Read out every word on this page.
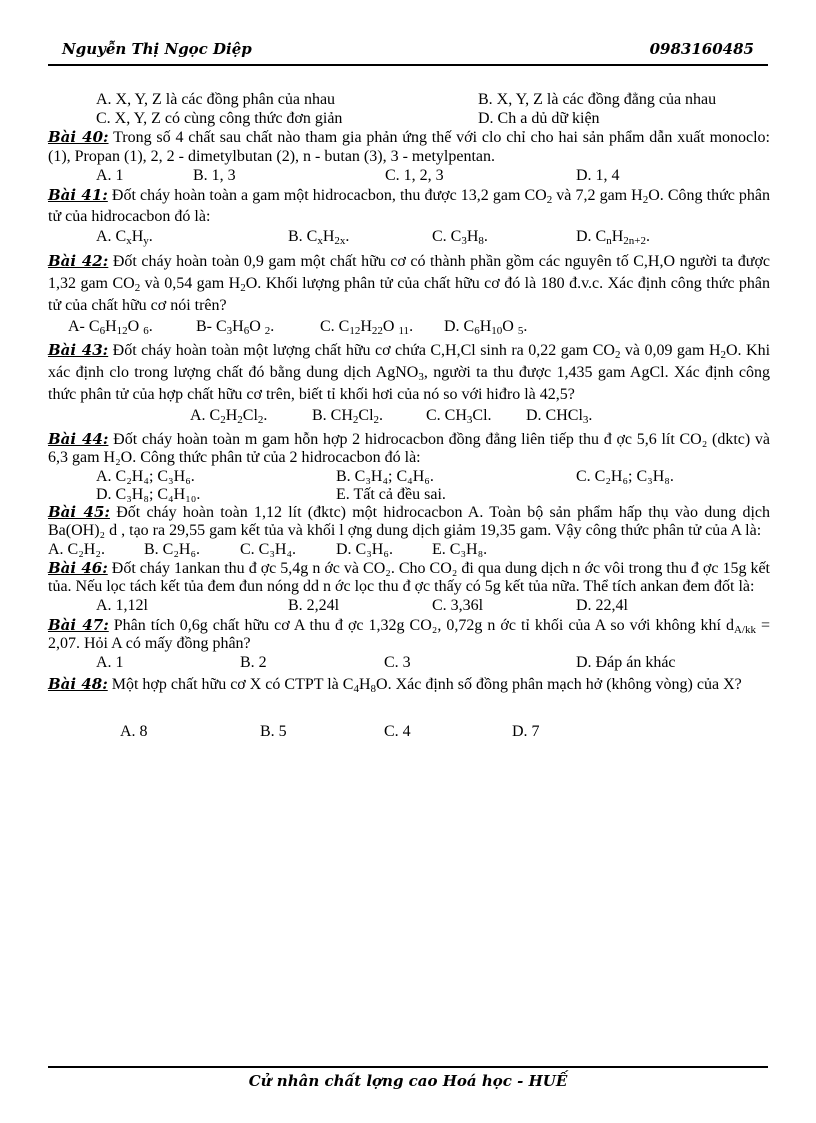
Nguyễn Thị Ngọc Diệp	0983160485
A. X, Y, Z là các đồng phân của nhau	B. X, Y, Z là các đồng đẳng của nhau
C. X, Y, Z có cùng công thức đơn giản	D. Ch a dủ dữ kiện

Bài 40: Trong số 4 chất sau chất nào tham gia phản ứng thế với clo chỉ cho hai sản phẩm dẫn xuất monoclo: (1), Propan (1), 2, 2 - dimetylbutan (2), n - butan (3), 3 - metylpentan.

A. 1	B. 1, 3	C. 1, 2, 3	D. 1, 4

Bài 41: Đốt cháy hoàn toàn a gam một hidrocacbon, thu được 13,2 gam $CO_2$ và 7,2 gam $H_2O$. Công thức phân tử của hidrocacbon đó là:

A. $C_xH_y$.	B. $C_xH_{2x}$.	C. $C_3H_8$.	D. $C_nH_{2n+2}$.

Bài 42: Đốt cháy hoàn toàn 0,9 gam một chất hữu cơ có thành phần gồm các nguyên tố C,H,O người ta được 1,32 gam $CO_2$ và 0,54 gam $H_2O$. Khối lượng phân tử của chất hữu cơ đó là 180 đ.v.c. Xác định công thức phân tử của chất hữu cơ nói trên?

A- $C_6H_{12}O$ $_6$.	B- $C_3H_6O$ $_2$.	C. $C_{12}H_{22}O$ $_{11}$. D. $C_6H_{10}O$ $_5$.

Bài 43: Đốt cháy hoàn toàn một lượng chất hữu cơ chứa C,H,Cl sinh ra 0,22 gam $CO_2$ và 0,09 gam $H_2O$. Khi xác định clo trong lượng chất đó bằng dung dịch AgNO$_3$, người ta thu được 1,435 gam AgCl. Xác định công thức phân tử của hợp chất hữu cơ trên, biết tỉ khối hơi của nó so với hiđro là 42,5?

A. $C_2H_2Cl_2$.	B. $CH_2Cl_2$.	C. $CH_3Cl$. D. CHCl$_3$.

Bài 44: Đốt cháy hoàn toàn m gam hỗn hợp 2 hidrocacbon đồng đẳng liên tiếp thu đ ợc 5,6 lít CO₂ (dktc) và 6,3 gam H₂O. Công thức phân tử của 2 hidrocacbon đó là:

A. C₂H₄; C₃H₆.	B. C₃H₄; C₄H₆.	C. C₂H₆; C₃H₈.
D. C₃H₈; C₄H₁₀.	E. Tất cả đều sai.

Bài 45: Đốt cháy hoàn toàn 1,12 lít (đktc) một hidrocacbon A. Toàn bộ sản phẩm hấp thụ vào dung dịch Ba(OH)₂ d , tạo ra 29,55 gam kết tủa và khối l ợng dung dịch giảm 19,35 gam. Vậy công thức phân tử của A là:

A. C₂H₂. B. C₂H₆. C. C₃H₄. D. C₃H₆. E. C₃H₈.

Bài 46: Đốt cháy 1ankan thu đ ợc 5,4g n ớc và CO₂. Cho CO₂ đi qua dung dịch n ớc vôi trong thu đ ợc 15g kết tủa. Nếu lọc tách kết tủa đem đun nóng dd n ớc lọc thu đ ợc thấy có 5g kết tủa nữa. Thể tích ankan đem đốt là:

A. 1,12l	B. 2,24l	C. 3,36l	D. 22,4l

Bài 47: Phân tích 0,6g chất hữu cơ A thu đ ợc 1,32g CO₂, 0,72g n ớc tỉ khối của A so với không khí $d_{A/kk} = 2,07$. Hỏi A có mấy đồng phân?

A. 1	B. 2	C. 3	D. Đáp án khác

Bài 48: Một hợp chất hữu cơ X có CTPT là $C_4H_8O$. Xác định số đồng phân mạch hở (không vòng) của X?

A. 8	B. 5	C. 4	D. 7
Cử nhân chất lợng cao Hoá học - HUẾ
